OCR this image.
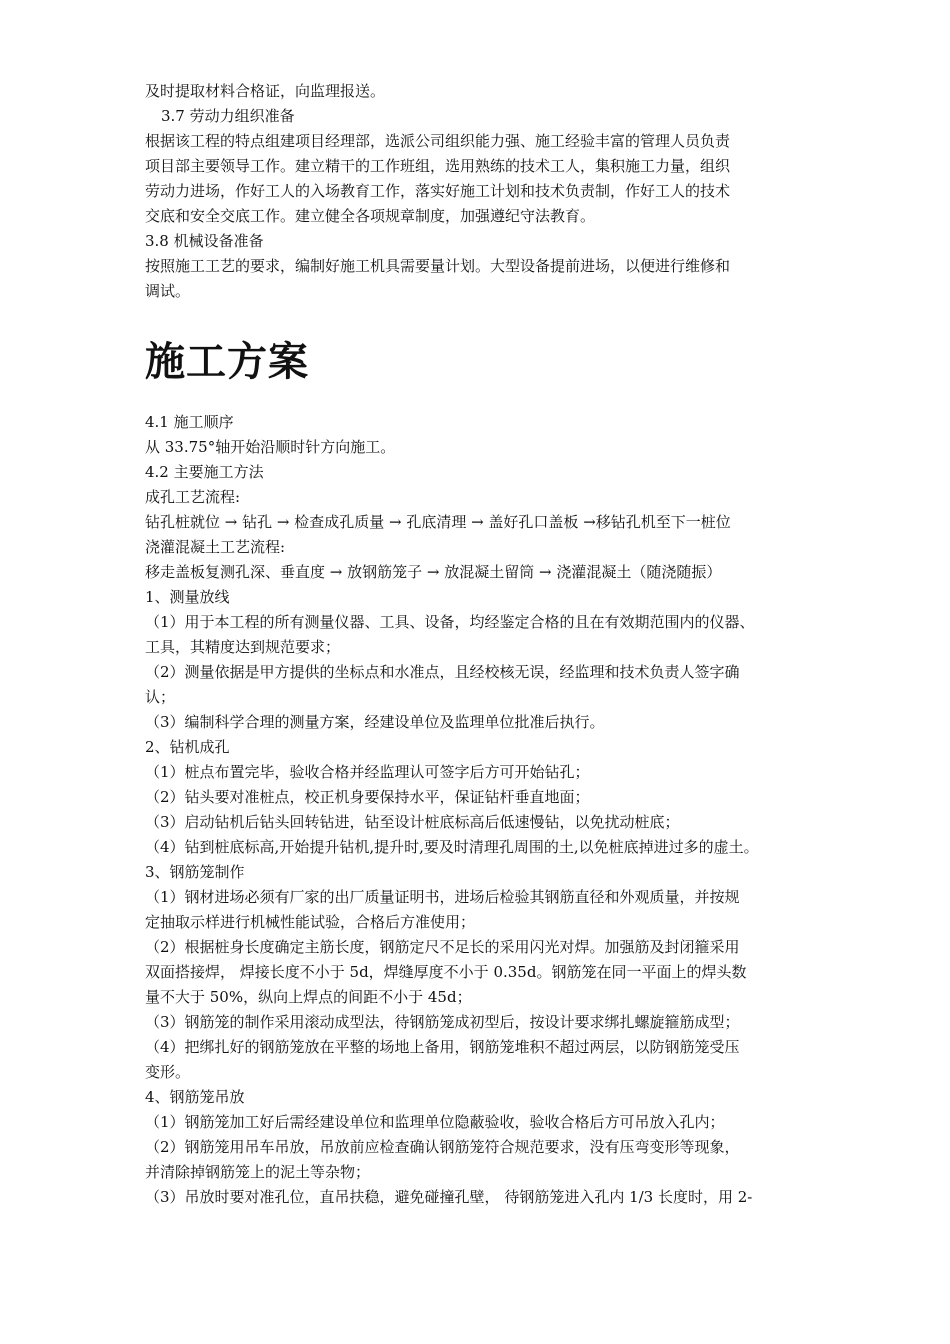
及时提取材料合格证，向监理报送。
3.7 劳动力组织准备
根据该工程的特点组建项目经理部，选派公司组织能力强、施工经验丰富的管理人员负责
项目部主要领导工作。建立精干的工作班组，选用熟练的技术工人，集积施工力量，组织
劳动力进场，作好工人的入场教育工作，落实好施工计划和技术负责制，作好工人的技术
交底和安全交底工作。建立健全各项规章制度，加强遵纪守法教育。
3.8 机械设备准备
按照施工工艺的要求，编制好施工机具需要量计划。大型设备提前进场，以便进行维修和
调试。
施工方案
4.1 施工顺序
从 33.75°轴开始沿顺时针方向施工。
4.2 主要施工方法
成孔工艺流程:
钻孔桩就位 → 钻孔 → 检查成孔质量 → 孔底清理 → 盖好孔口盖板 →移钻孔机至下一桩位
浇灌混凝土工艺流程:
移走盖板复测孔深、垂直度 → 放钢筋笼子 → 放混凝土留筒 → 浇灌混凝土（随浇随振）
1、测量放线
（1）用于本工程的所有测量仪器、工具、设备，均经鉴定合格的且在有效期范围内的仪器、
工具，其精度达到规范要求；
（2）测量依据是甲方提供的坐标点和水准点，且经校核无误，经监理和技术负责人签字确
认；
（3）编制科学合理的测量方案，经建设单位及监理单位批准后执行。
2、钻机成孔
（1）桩点布置完毕，验收合格并经监理认可签字后方可开始钻孔；
（2）钻头要对准桩点，校正机身要保持水平，保证钻杆垂直地面；
（3）启动钻机后钻头回转钻进，钻至设计桩底标高后低速慢钻，以免扰动桩底；
（4）钻到桩底标高,开始提升钻机,提升时,要及时清理孔周围的土,以免桩底掉进过多的虚土。
3、钢筋笼制作
（1）钢材进场必须有厂家的出厂质量证明书，进场后检验其钢筋直径和外观质量，并按规
定抽取示样进行机械性能试验，合格后方准使用；
（2）根据桩身长度确定主筋长度，钢筋定尺不足长的采用闪光对焊。加强筋及封闭箍采用
双面搭接焊， 焊接长度不小于 5d，焊缝厚度不小于 0.35d。钢筋笼在同一平面上的焊头数
量不大于 50%，纵向上焊点的间距不小于 45d；
（3）钢筋笼的制作采用滚动成型法，待钢筋笼成初型后，按设计要求绑扎螺旋箍筋成型；
（4）把绑扎好的钢筋笼放在平整的场地上备用，钢筋笼堆积不超过两层，以防钢筋笼受压
变形。
4、钢筋笼吊放
（1）钢筋笼加工好后需经建设单位和监理单位隐蔽验收，验收合格后方可吊放入孔内；
（2）钢筋笼用吊车吊放，吊放前应检查确认钢筋笼符合规范要求，没有压弯变形等现象，
并清除掉钢筋笼上的泥土等杂物；
（3）吊放时要对准孔位，直吊扶稳，避免碰撞孔壁， 待钢筋笼进入孔内 1/3 长度时，用 2-
